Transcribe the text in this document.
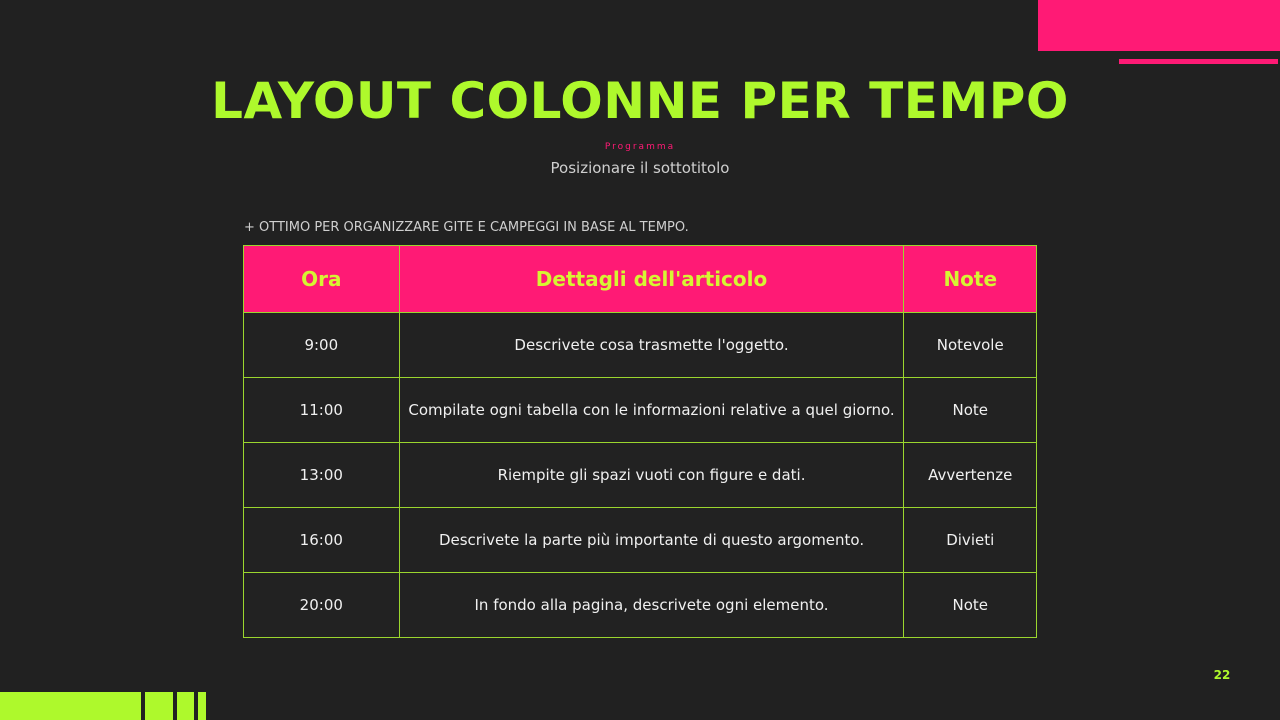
LAYOUT COLONNE PER TEMPO
Programma
Posizionare il sottotitolo
+ OTTIMO PER ORGANIZZARE GITE E CAMPEGGI IN BASE AL TEMPO.
Ora	Dettagli dell'articolo	Note
9:00	Descrivete cosa trasmette l'oggetto.	Notevole
11:00	Compilate ogni tabella con le informazioni relative a quel giorno.	Note
13:00	Riempite gli spazi vuoti con figure e dati.	Avvertenze
16:00	Descrivete la parte più importante di questo argomento.	Divieti
20:00	In fondo alla pagina, descrivete ogni elemento.	Note
22
